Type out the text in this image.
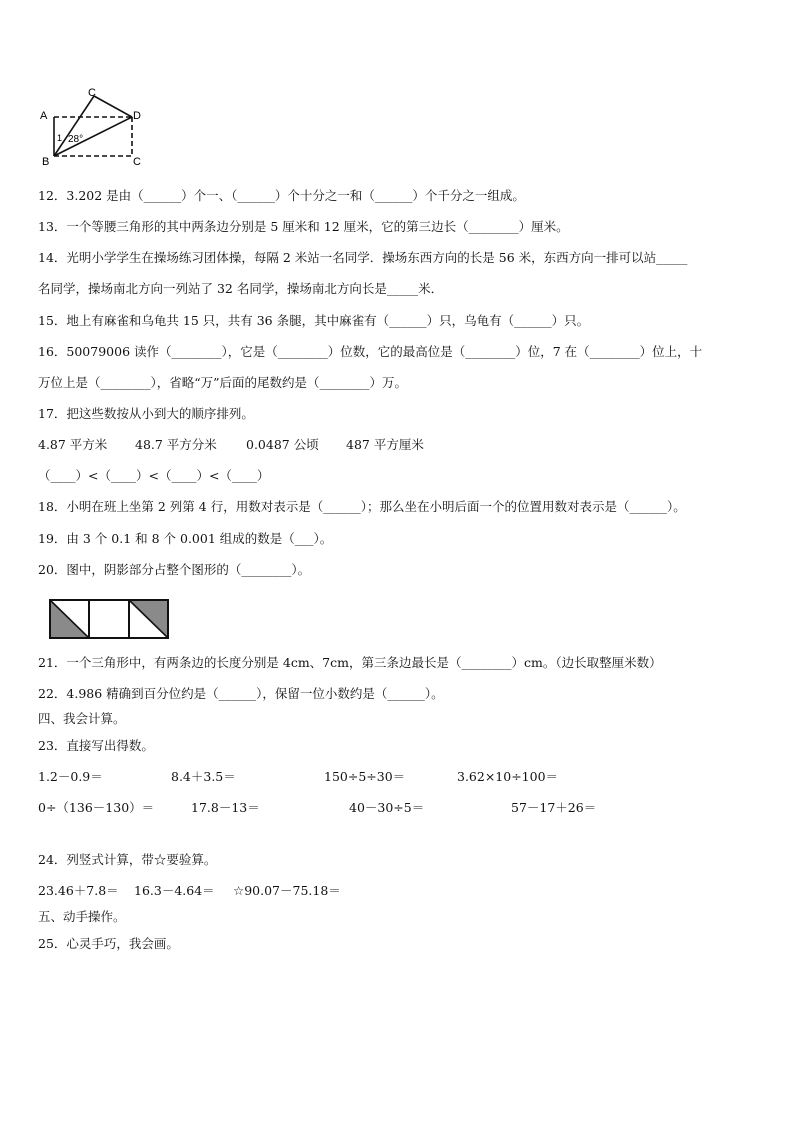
A
C
D
B	C
1 28°
12．3.202 是由（______）个一、（______）个十分之一和（______）个千分之一组成。
13．一个等腰三角形的其中两条边分别是 5 厘米和 12 厘米，它的第三边长（________）厘米。
14．光明小学学生在操场练习团体操，每隔 2 米站一名同学．操场东西方向的长是 56 米，东西方向一排可以站_____
名同学，操场南北方向一列站了 32 名同学，操场南北方向长是_____米．
15．地上有麻雀和乌龟共 15 只，共有 36 条腿，其中麻雀有（______）只，乌龟有（______）只。
16．50079006 读作（________），它是（________）位数，它的最高位是（________）位，7 在（________）位上，十
万位上是（________），省略“万”后面的尾数约是（________）万。
17．把这些数按从小到大的顺序排列。
4.87 平方米 48.7 平方分米 0.0487 公顷 487 平方厘米
（____）<（____）<（____）<（____）
18．小明在班上坐第 2 列第 4 行，用数对表示是（______）；那么坐在小明后面一个的位置用数对表示是（______）。
19．由 3 个 0.1 和 8 个 0.001 组成的数是（___）。
20．图中，阴影部分占整个图形的（________）。
21．一个三角形中，有两条边的长度分别是 4cm、7cm，第三条边最长是（________）cm。（边长取整厘米数）
22．4.986 精确到百分位约是（______），保留一位小数约是（______）。
四、我会计算。
23．直接写出得数。
1.2－0.9＝	8.4＋3.5＝	150÷5÷30＝	3.62×10÷100＝
0÷（136－130）＝	17.8－13＝	40－30÷5＝	57－17＋26＝
24．列竖式计算，带☆要验算。
23.46＋7.8＝ 16.3－4.64＝ ☆90.07－75.18＝
五、动手操作。
25．心灵手巧，我会画。
